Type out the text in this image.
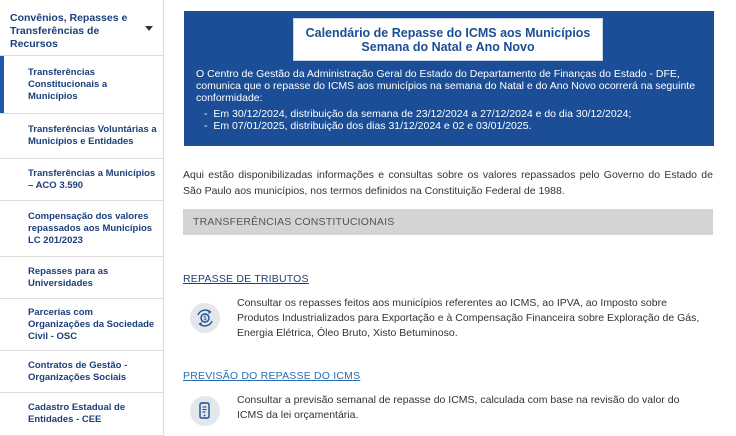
Convênios, Repasses e Transferências de Recursos
Transferências Constitucionais a Municípios
Transferências Voluntárias a Municípios e Entidades
Transferências a Municípios – ACO 3.590
Compensação dos valores repassados aos Municípios LC 201/2023
Repasses para as Universidades
Parcerias com Organizações da Sociedade Civil - OSC
Contratos de Gestão - Organizações Sociais
Cadastro Estadual de Entidades - CEE
Calendário de Repasse do ICMS aos Municípios
Semana do Natal e Ano Novo

O Centro de Gestão da Administração Geral do Estado do Departamento de Finanças do Estado - DFE, comunica que o repasse do ICMS aos municípios na semana do Natal e do Ano Novo ocorrerá na seguinte conformidade:

-  Em 30/12/2024, distribuição da semana de 23/12/2024 a 27/12/2024 e do dia 30/12/2024;
-  Em 07/01/2025, distribuição dos dias 31/12/2024 e 02 e 03/01/2025.

Aqui estão disponibilizadas informações e consultas sobre os valores repassados pelo Governo do Estado de São Paulo aos municípios, nos termos definidos na Constituição Federal de 1988.

TRANSFERÊNCIAS CONSTITUCIONAIS
REPASSE DE TRIBUTOS
$

Consultar os repasses feitos aos municípios referentes ao ICMS, ao IPVA, ao Imposto sobre Produtos Industrializados para Exportação e à Compensação Financeira sobre Exploração de Gás, Energia Elétrica, Óleo Bruto, Xisto Betuminoso.

PREVISÃO DO REPASSE DO ICMS

Consultar a previsão semanal de repasse do ICMS, calculada com base na revisão do valor do ICMS da lei orçamentária.
